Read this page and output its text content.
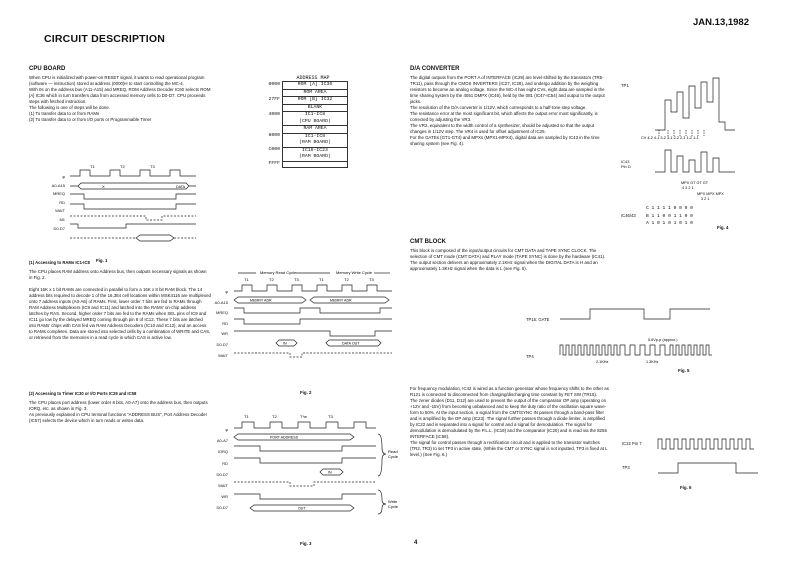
JAN.13,1982
CIRCUIT DESCRIPTION
CPU BOARD

When CPU is initialized with power-on RESET signal, it wants to read operational program (software — instruction) stored at address (0000)H to start controlling the MC-4.
With 0s on the address bus (A11-A15) and MREQ, ROM Address Decoder IC60 selects ROM [A] IC36 which in turn transfers data from accessed memory cells to D0-D7. CPU proceeds steps with fetched instruction.
The following is one of steps will be done.
(1) To transfer data to or from RAMs
(2) To transfer data to or from I/O ports or Programmable Timer

ADDRESS MAP
0000	ROM [A] IC36

	ROM AREA

27FF	ROM [B] IC32

	BLANK

4000	IC1-IC8
(CPU BOARD)

	RAM AREA

8000	IC1-IC8
(RAM BOARD)

C000	IC16-IC23
(RAM BOARD)

FFFF	
φ
A0-A15
MREQ
RD
WAIT
M1
D0-D7
T1	T2	T3
X	DATA
Fig. 1
(1) Accessing to RAMs IC1-IC8

The CPU places RAM address onto Address bus, then outputs necessary signals as shown in Fig. 2.

Eight 16K x 1 bit RAMs are connected in parallel to form a 16K x 8 bit RAM block. The 14 address bits required to decode 1 of the 16,384 cell locations within MSK4116 are multiplexed onto 7 address inputs (A0-A6) of RAMs. First, lower order 7 bits are fed to RAMs through RAM Address Multiplexers (IC9 and IC11) and latched into the RAMs' on-chip address latches by RAS. Second, higher order 7 bits are fed to the RAMs when SEL pins of IC9 and IC11 go low by the delayed MREQ coming through pin 8 of IC12. These 7 bits are latched into RAMs' chips with CAS fed via RAM Address Decoders (IC10 and IC12), and an access to RAMs completes. Data are stored into selected cells by a combination of WRITE and CAS, or retrieved from the memories in a read cycle in which CAS is active low.

(2) Accessing to Timer IC30 or I/O Ports IC29 and IC58

The CPU places port address (lower order 8 bits, A0-A7) onto the address bus, then outputs IORQ, etc. as shown in Fig. 3.
As previously explained in CPU terminal functions "ADDRESS BUS", Port Address Decoder (IC57) selects the device which in turn reads or writes data.

φ
A0-A15
MREQ
RD
WR
D0-D7
WAIT
Memory Read Cycle	Memory Write Cycle
T1	T2	T3	T1	T2	T3
MEMRY ADR	MEMRY ADR
IN	DATA OUT
Fig. 2
φ
A0-A7
IORQ
RD
D0-D7
WAIT
WR
D0-D7
T1	T2	T*w	T3
PORT ADDRESS
IN
OUT
Read
Cycle
Write
Cycle
Fig. 3
D/A CONVERTER

The digital outputs from the PORT A of INTERFACE (IC29) are level-shifted by the transistors (TR5-TR11), pass through the CMOS INVERTERS (IC27, IC28), and undergo addition by the weighing resistors to become an analog voltage. Since the MC-4 has eight CVs, eight data are sampled in the time sharing system by the 4051 DMPX (IC46), held by the 081 (IC47-IC54) and output to the output jacks.
The resolution of the D/A converter is 1/12V, which corresponds to a half-tone step voltage.
The resistance error at the most significant bit, which affects the output error most significantly, is corrected by adjusting the VR3.
The VR2, equivalent to the width control of a synthesizer, should be adjusted so that the output changes in 1/12V step. The VR4 is used for offset adjustment of IC25.
For the GATEs (GT1-GT4) and MPXs (MPX1-MPX4), digital data are sampled by IC43 in the time sharing system (see Fig. 4).

TP1
CV 4-2 4-1 3-2 3-1 2-2 2-1 1-2 1-1
MPX GT GT GT
4 3 2 1
MPX MPX MPX
3 2 1
IC43
Pin D
IC46/43
C 1 1 1 1 0 0 0 0
B 1 1 0 0 1 1 0 0
A 1 0 1 0 1 0 1 0
Fig. 4
CMT BLOCK

This block is composed of the input/output circuits for CMT DATA and TAPE SYNC CLOCK. The selection of CMT mode (CMT DATA) and PLAY mode (TAPE SYNC) is done by the hardware (IC41).
The output section delivers an approximately 2.1KHz signal when the DIGITAL DATA is H and an approximately 1.3KHz signal when the data is L (see Fig. 5).

TP15: GATE
TP4
5.6Vp-p (approx.)
2.1KHz	1.3KHz
Fig. 5

For frequency modulation, IC42 is wired as a function generator whose frequency shifts to the other as R121 is connected to disconnected from charging/discharging time constant by FET SW (TR15).
The zener diodes (D11, D12) are used to prevent the output of the comparator OP amp (operating on +12V and -15V) from becoming unbalanced and to keep the duty ratio of the oscillation square wave-form to 50%. At the input section, a signal from the CMT/SYNC IN passes through a band-pass filter and is amplified by the OP amp (IC23). The signal further passes through a diode limiter, is amplified by IC22 and is separated into a signal for control and a signal for demodulation. The signal for demodulation is demodulated by the P.L.L. (IC19) and the comparator (IC20) and is read via the 8255 INTERFACE (IC58).
The signal for control passes through a rectification circuit and is applied to the transistor switches (TR2, TR3) to set TP3 in active state. (While the CMT or SYNC signal is not inputted, TP3 is fixed at L level.) (See Fig. 6.)

IC22 Pin 7
TP3
Fig. 6
4
